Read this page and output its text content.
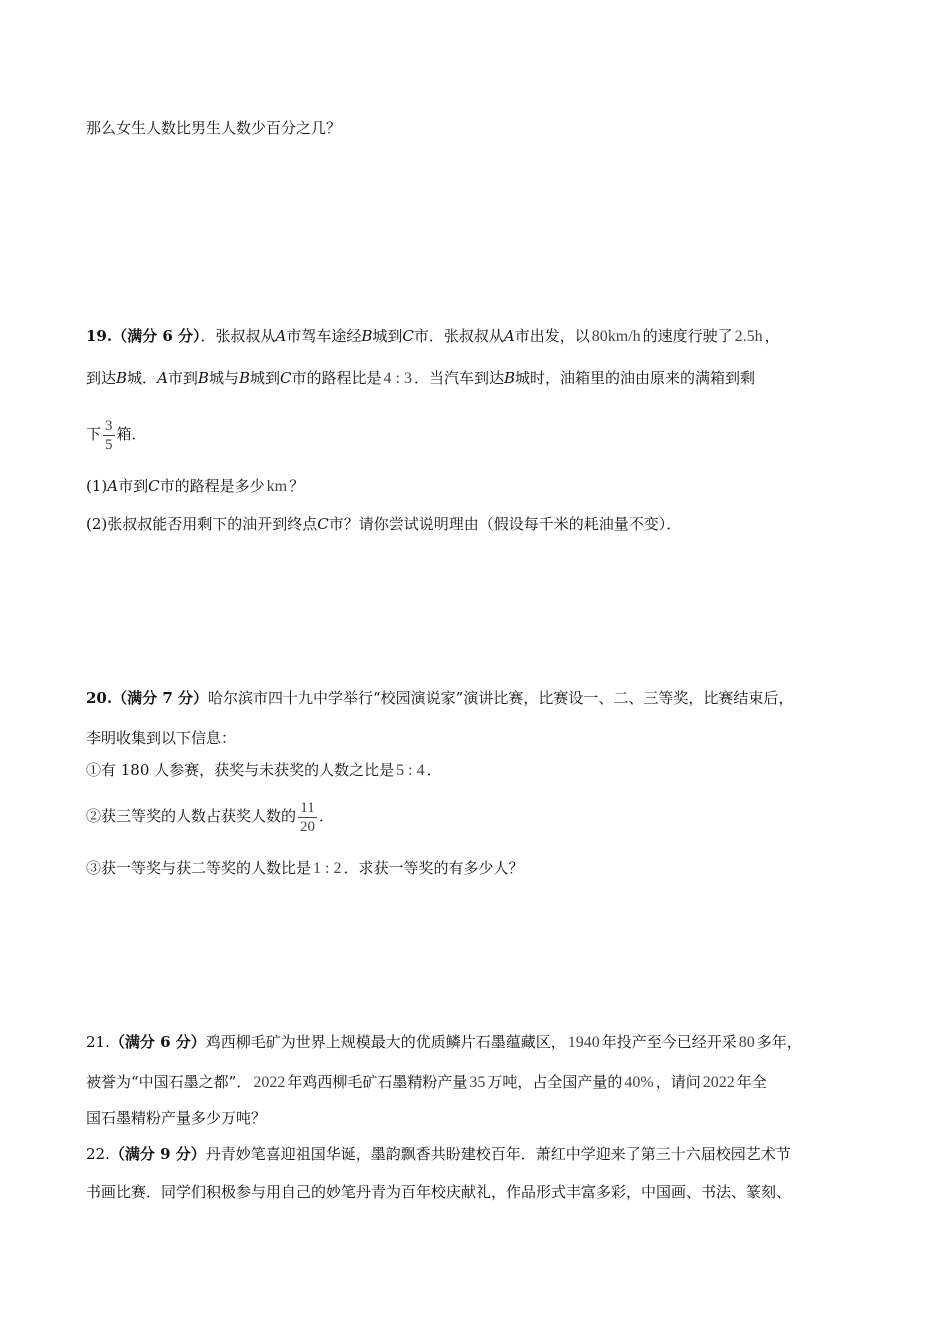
那么女生人数比男生人数少百分之几？
19.（满分 6 分）．张叔叔从A市驾车途经B城到C市．张叔叔从A市出发，以 80km/h 的速度行驶了 2.5h ，
到达B城．A市到B城与B城到C市的路程比是 4 : 3 ．当汽车到达B城时，油箱里的油由原来的满箱到剩
下 $\frac{3}{5}$ 箱．
(1)A市到C市的路程是多少 km ？
(2)张叔叔能否用剩下的油开到终点C市？请你尝试说明理由（假设每千米的耗油量不变）．
20.（满分 7 分）哈尔滨市四十九中学举行“校园演说家”演讲比赛，比赛设一、二、三等奖，比赛结束后，
李明收集到以下信息：
①有 180 人参赛，获奖与未获奖的人数之比是 5 : 4 ．
②获三等奖的人数占获奖人数的 $\frac{11}{20}$ ．
③获一等奖与获二等奖的人数比是 1 : 2 ．求获一等奖的有多少人？
21.（满分 6 分）鸡西柳毛矿为世界上规模最大的优质鳞片石墨蕴藏区， 1940 年投产至今已经开采 80 多年，
被誉为“中国石墨之都”． 2022 年鸡西柳毛矿石墨精粉产量 35 万吨，占全国产量的 40% ，请问 2022 年全
国石墨精粉产量多少万吨？
22.（满分 9 分）丹青妙笔喜迎祖国华诞，墨韵飘香共盼建校百年．萧红中学迎来了第三十六届校园艺术节
书画比赛．同学们积极参与用自己的妙笔丹青为百年校庆献礼，作品形式丰富多彩，中国画、书法、篆刻、
